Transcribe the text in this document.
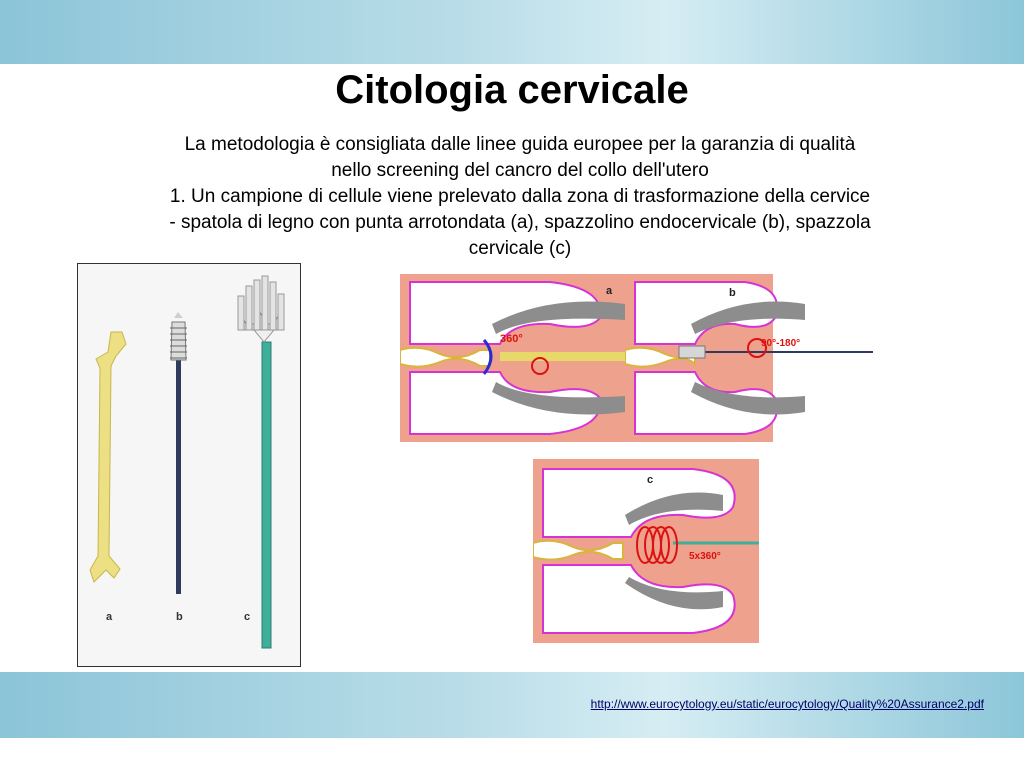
Citologia cervicale

La metodologia è consigliata dalle linee guida europee per la garanzia di qualità

nello screening del cancro del collo dell'utero

1. Un campione di cellule viene prelevato dalla zona di trasformazione della cervice

- spatola di legno con punta arrotondata (a), spazzolino endocervicale (b), spazzola

cervicale (c)

a	b	c
360°
a
90°-180°
b
5x360°
c
http://www.eurocytology.eu/static/eurocytology/Quality%20Assurance2.pdf
